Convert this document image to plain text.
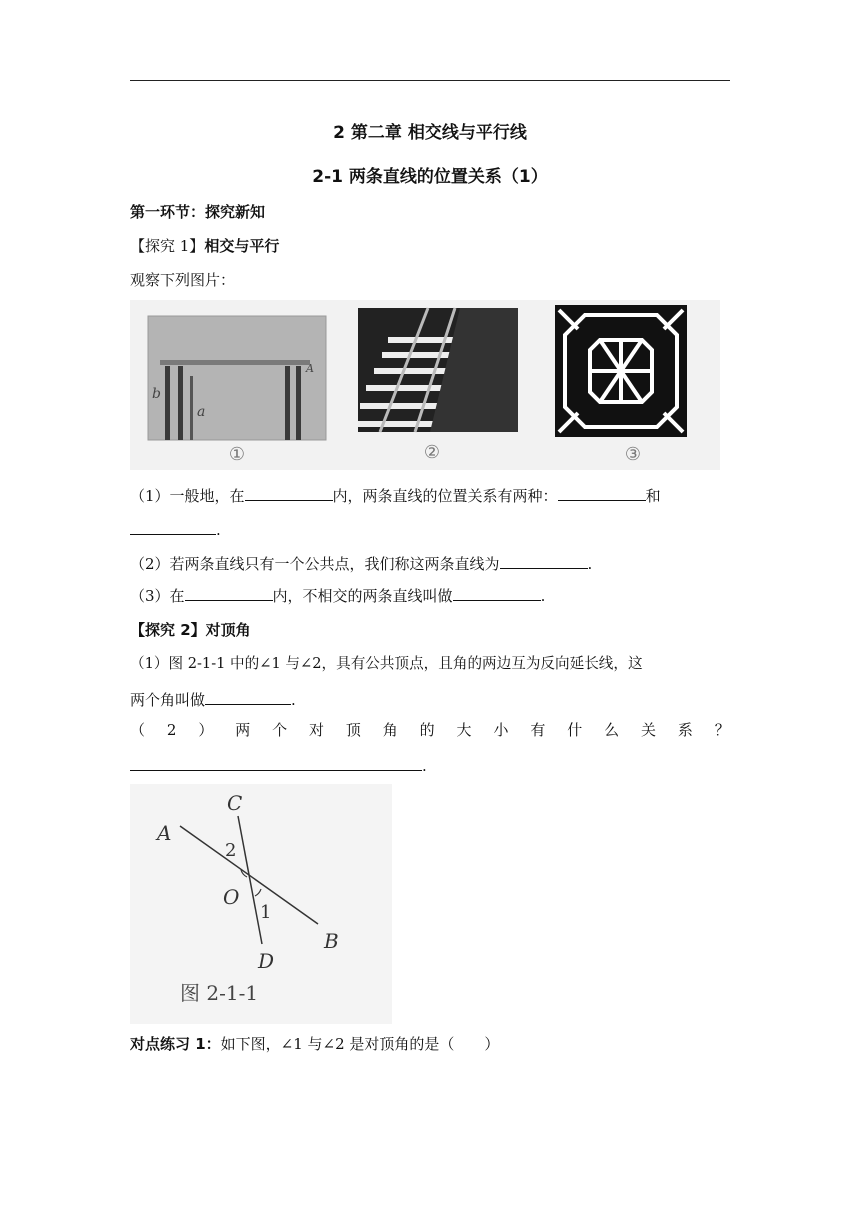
2 第二章 相交线与平行线
2-1 两条直线的位置关系（1）
第一环节：探究新知
【探究 1】相交与平行
观察下列图片：
b
a
A
①	②	③
（1）一般地，在	内，两条直线的位置关系有两种：	和
.
（2）若两条直线只有一个公共点，我们称这两条直线为	.
（3）在	内，不相交的两条直线叫做	.
【探究 2】对顶角
（1）图 2-1-1 中的∠1 与∠2，具有公共顶点，且角的两边互为反向延长线，这
两个角叫做	.
（ 2 ） 两 个 对 顶 角 的 大 小 有 什 么 关 系 ？
.
A
B
C
D
O
2
1
图 2-1-1
对点练习 1：如下图，∠1 与∠2 是对顶角的是（　　）
